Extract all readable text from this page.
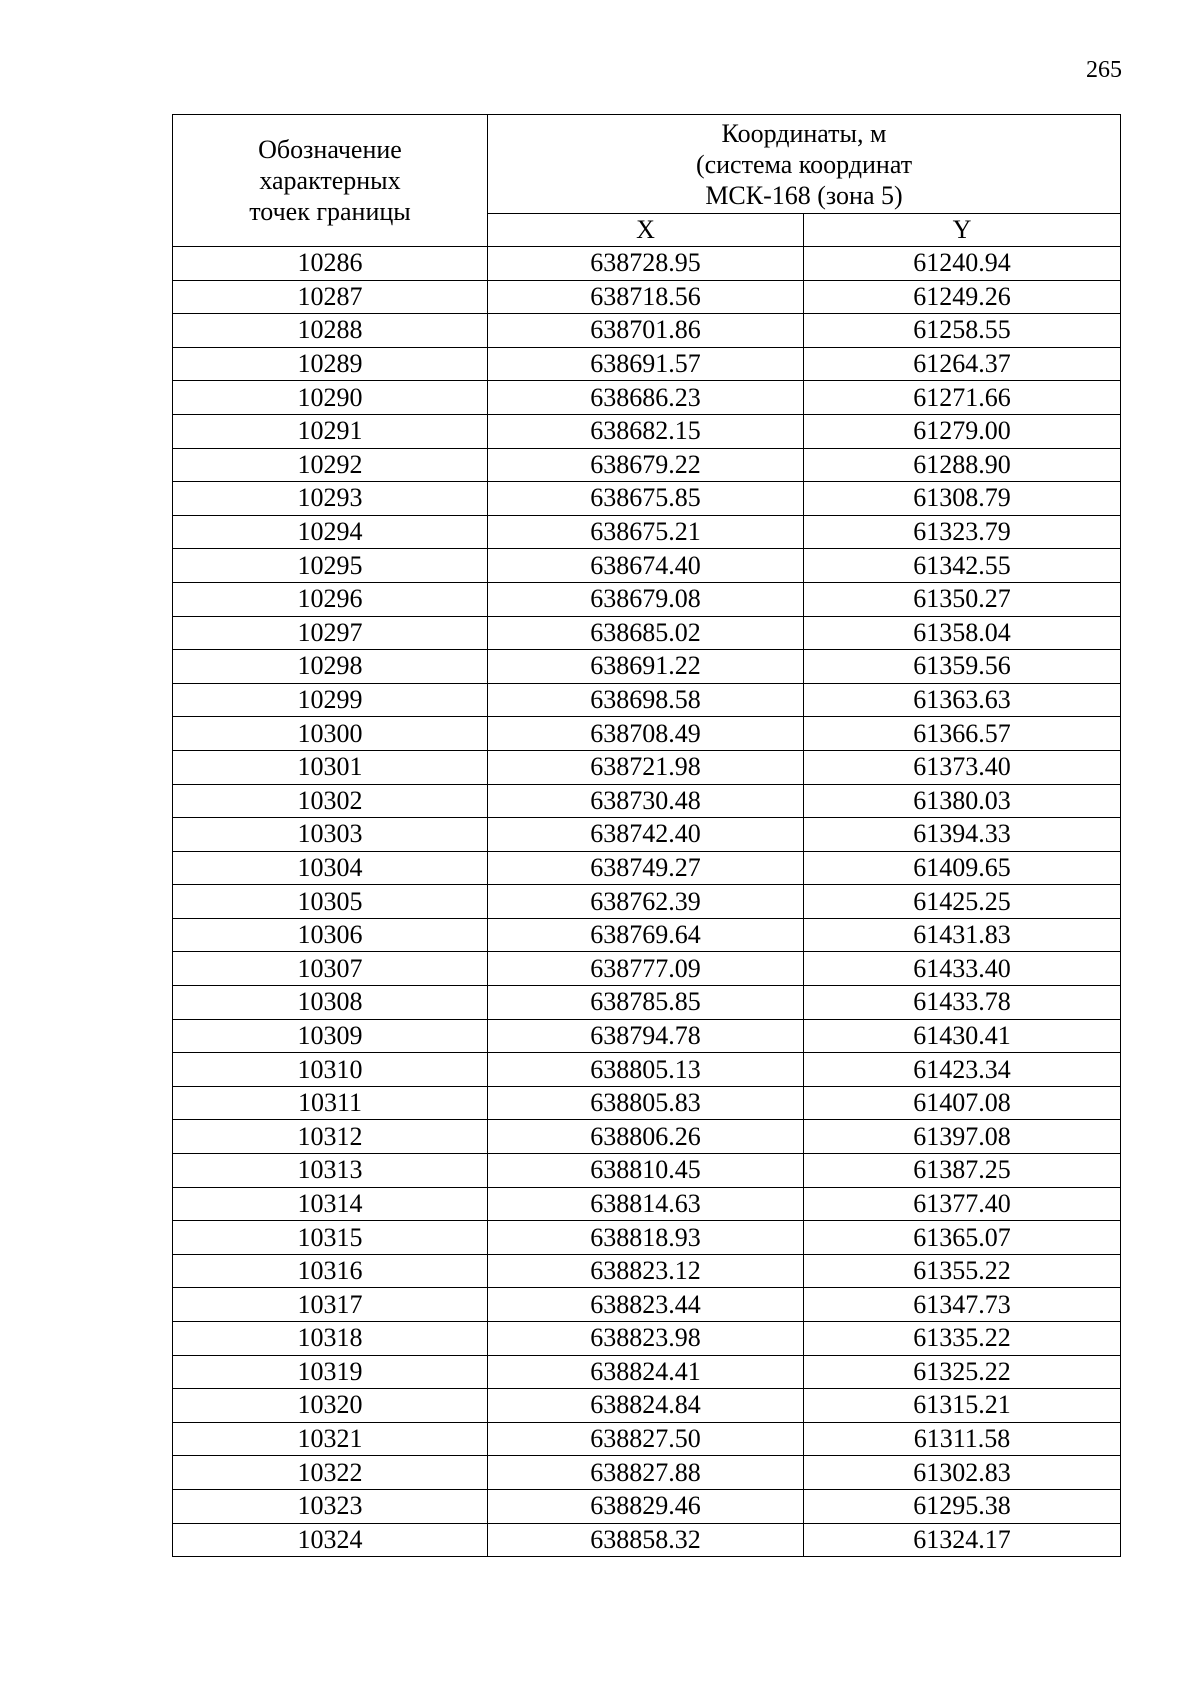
265
Обозначение
характерных
точек границы	Координаты, м
(система координат
МСК-168 (зона 5)	

	X	Y
10286	638728.95	61240.94
10287	638718.56	61249.26
10288	638701.86	61258.55
10289	638691.57	61264.37
10290	638686.23	61271.66
10291	638682.15	61279.00
10292	638679.22	61288.90
10293	638675.85	61308.79
10294	638675.21	61323.79
10295	638674.40	61342.55
10296	638679.08	61350.27
10297	638685.02	61358.04
10298	638691.22	61359.56
10299	638698.58	61363.63
10300	638708.49	61366.57
10301	638721.98	61373.40
10302	638730.48	61380.03
10303	638742.40	61394.33
10304	638749.27	61409.65
10305	638762.39	61425.25
10306	638769.64	61431.83
10307	638777.09	61433.40
10308	638785.85	61433.78
10309	638794.78	61430.41
10310	638805.13	61423.34
10311	638805.83	61407.08
10312	638806.26	61397.08
10313	638810.45	61387.25
10314	638814.63	61377.40
10315	638818.93	61365.07
10316	638823.12	61355.22
10317	638823.44	61347.73
10318	638823.98	61335.22
10319	638824.41	61325.22
10320	638824.84	61315.21
10321	638827.50	61311.58
10322	638827.88	61302.83
10323	638829.46	61295.38
10324	638858.32	61324.17
